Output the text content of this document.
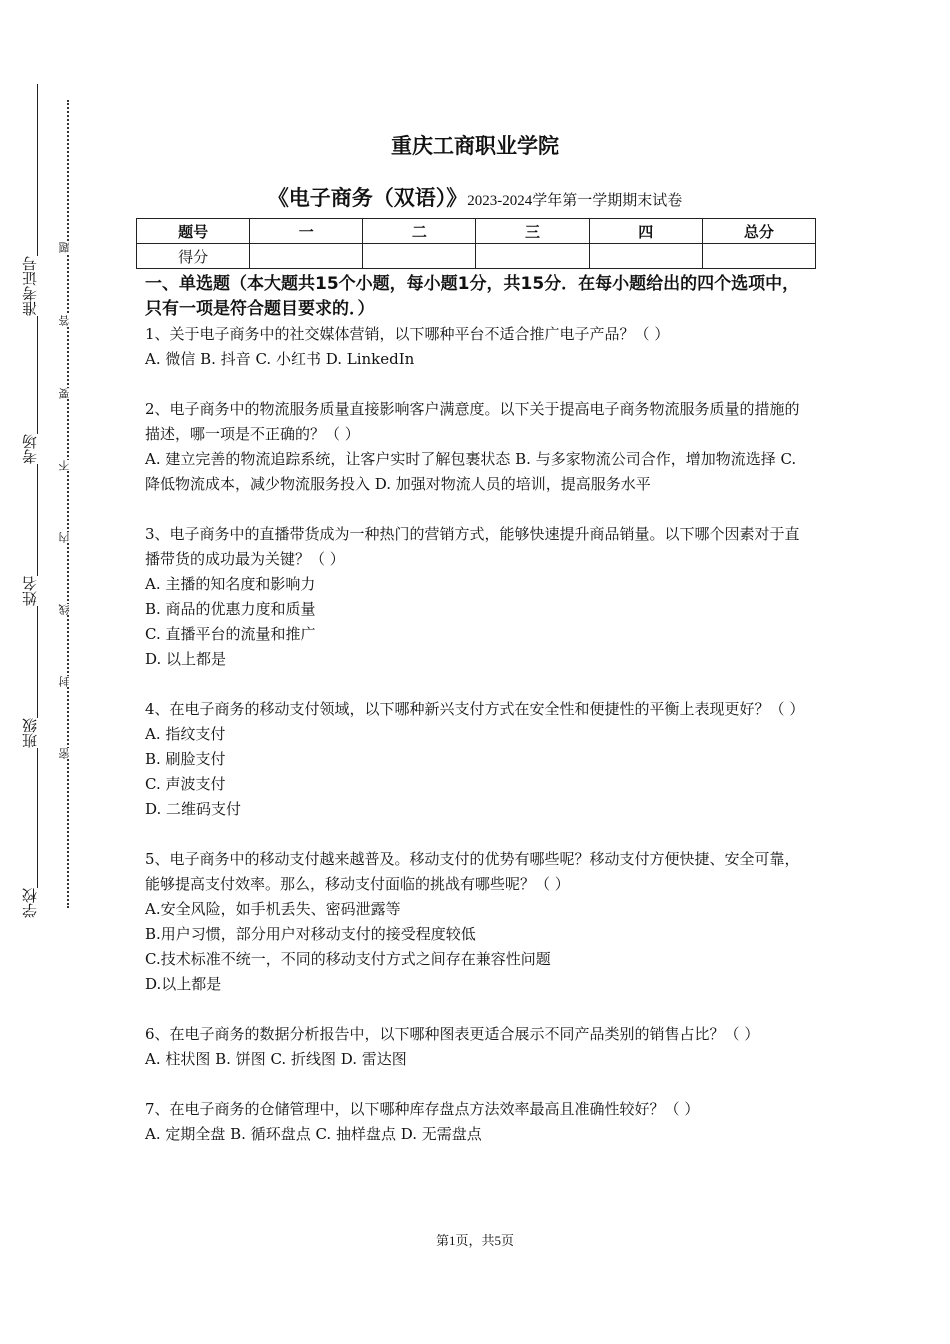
准考证号
考场
姓名
班级
学校
题
答
要
不
内
线
封
密
重庆工商职业学院
《电子商务（双语）》2023-2024学年第一学期期末试卷
题号	一	二	三	四	总分
得分					
一、单选题（本大题共15个小题，每小题1分，共15分．在每小题给出的四个选项中，只有一项是符合题目要求的．）
1、关于电子商务中的社交媒体营销，以下哪种平台不适合推广电子产品？（ ）
A. 微信 B. 抖音 C. 小红书 D. LinkedIn
2、电子商务中的物流服务质量直接影响客户满意度。以下关于提高电子商务物流服务质量的措施的描述，哪一项是不正确的？（ ）
A. 建立完善的物流追踪系统，让客户实时了解包裹状态 B. 与多家物流公司合作，增加物流选择 C. 降低物流成本，减少物流服务投入 D. 加强对物流人员的培训，提高服务水平
3、电子商务中的直播带货成为一种热门的营销方式，能够快速提升商品销量。以下哪个因素对于直播带货的成功最为关键？（ ）
A. 主播的知名度和影响力
B. 商品的优惠力度和质量
C. 直播平台的流量和推广
D. 以上都是
4、在电子商务的移动支付领域，以下哪种新兴支付方式在安全性和便捷性的平衡上表现更好？（ ）
A. 指纹支付
B. 刷脸支付
C. 声波支付
D. 二维码支付
5、电子商务中的移动支付越来越普及。移动支付的优势有哪些呢？移动支付方便快捷、安全可靠，能够提高支付效率。那么，移动支付面临的挑战有哪些呢？（ ）
A.安全风险，如手机丢失、密码泄露等
B.用户习惯，部分用户对移动支付的接受程度较低
C.技术标准不统一，不同的移动支付方式之间存在兼容性问题
D.以上都是
6、在电子商务的数据分析报告中，以下哪种图表更适合展示不同产品类别的销售占比？（ ）
A. 柱状图 B. 饼图 C. 折线图 D. 雷达图
7、在电子商务的仓储管理中，以下哪种库存盘点方法效率最高且准确性较好？（ ）
A. 定期全盘 B. 循环盘点 C. 抽样盘点 D. 无需盘点
第1页，共5页
